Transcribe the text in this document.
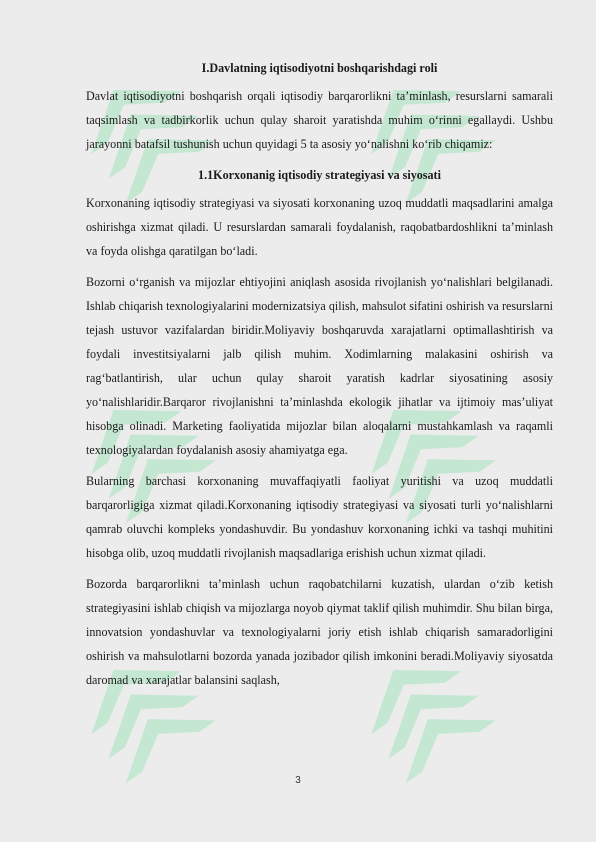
I.Davlatning iqtisodiyotni boshqarishdagi roli

Davlat iqtisodiyotni boshqarish orqali iqtisodiy barqarorlikni ta’minlash, resurslarni samarali taqsimlash va tadbirkorlik uchun qulay sharoit yaratishda muhim o‘rinni egallaydi. Ushbu jarayonni batafsil tushunish uchun quyidagi 5 ta asosiy yo‘nalishni ko‘rib chiqamiz:

1.1Korxonanig iqtisodiy strategiyasi va siyosati

Korxonaning iqtisodiy strategiyasi va siyosati korxonaning uzoq muddatli maqsadlarini amalga oshirishga xizmat qiladi. U resurslardan samarali foydalanish, raqobatbardoshlikni ta’minlash va foyda olishga qaratilgan bo‘ladi.

Bozorni o‘rganish va mijozlar ehtiyojini aniqlash asosida rivojlanish yo‘nalishlari belgilanadi. Ishlab chiqarish texnologiyalarini modernizatsiya qilish, mahsulot sifatini oshirish va resurslarni tejash ustuvor vazifalardan biridir.Moliyaviy boshqaruvda xarajatlarni optimallashtirish va foydali investitsiyalarni jalb qilish muhim. Xodimlarning malakasini oshirish va rag‘batlantirish, ular uchun qulay sharoit yaratish kadrlar siyosatining asosiy yo‘nalishlaridir.Barqaror rivojlanishni ta’minlashda ekologik jihatlar va ijtimoiy mas’uliyat hisobga olinadi. Marketing faoliyatida mijozlar bilan aloqalarni mustahkamlash va raqamli texnologiyalardan foydalanish asosiy ahamiyatga ega.

Bularning barchasi korxonaning muvaffaqiyatli faoliyat yuritishi va uzoq muddatli barqarorligiga xizmat qiladi.Korxonaning iqtisodiy strategiyasi va siyosati turli yo‘nalishlarni qamrab oluvchi kompleks yondashuvdir. Bu yondashuv korxonaning ichki va tashqi muhitini hisobga olib, uzoq muddatli rivojlanish maqsadlariga erishish uchun xizmat qiladi.

Bozorda barqarorlikni ta’minlash uchun raqobatchilarni kuzatish, ulardan o‘zib ketish strategiyasini ishlab chiqish va mijozlarga noyob qiymat taklif qilish muhimdir. Shu bilan birga, innovatsion yondashuvlar va texnologiyalarni joriy etish ishlab chiqarish samaradorligini oshirish va mahsulotlarni bozorda yanada jozibador qilish imkonini beradi.Moliyaviy siyosatda daromad va xarajatlar balansini saqlash,

3
